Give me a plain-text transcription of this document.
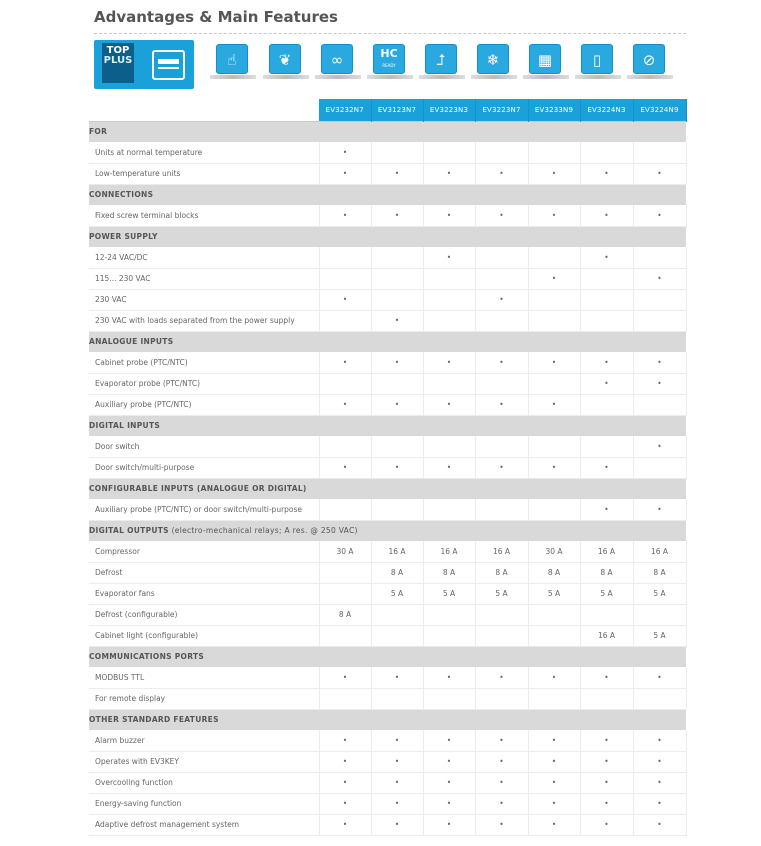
Advantages & Main Features
TOP
PLUS	☝	❦	∞	HC
READY	⮥	❄	▦	▯	⊘
	EV3232N7	EV3123N7	EV3223N3	EV3223N7	EV3233N9	EV3224N3	EV3224N9
FOR							
Units at normal temperature	•						
Low-temperature units	•	•	•	•	•	•	•
CONNECTIONS							
Fixed screw terminal blocks	•	•	•	•	•	•	•
POWER SUPPLY							
12-24 VAC/DC			•			•	
115... 230 VAC					•		•
230 VAC	•			•			
230 VAC with loads separated from the power supply		•					
ANALOGUE INPUTS							
Cabinet probe (PTC/NTC)	•	•	•	•	•	•	•
Evaporator probe (PTC/NTC)						•	•
Auxiliary probe (PTC/NTC)	•	•	•	•	•		
DIGITAL INPUTS							
Door switch							•
Door switch/multi-purpose	•	•	•	•	•	•	
CONFIGURABLE INPUTS (ANALOGUE OR DIGITAL)							
Auxiliary probe (PTC/NTC) or door switch/multi-purpose						•	•
DIGITAL OUTPUTS (electro-mechanical relays; A res. @ 250 VAC)							
Compressor	30 A	16 A	16 A	16 A	30 A	16 A	16 A
Defrost		8 A	8 A	8 A	8 A	8 A	8 A
Evaporator fans		5 A	5 A	5 A	5 A	5 A	5 A
Defrost (configurable)	8 A						
Cabinet light (configurable)						16 A	5 A
COMMUNICATIONS PORTS							
MODBUS TTL	•	•	•	•	•	•	•
For remote display							
OTHER STANDARD FEATURES							
Alarm buzzer	•	•	•	•	•	•	•
Operates with EV3KEY	•	•	•	•	•	•	•
Overcooling function	•	•	•	•	•	•	•
Energy-saving function	•	•	•	•	•	•	•
Adaptive defrost management system	•	•	•	•	•	•	•
